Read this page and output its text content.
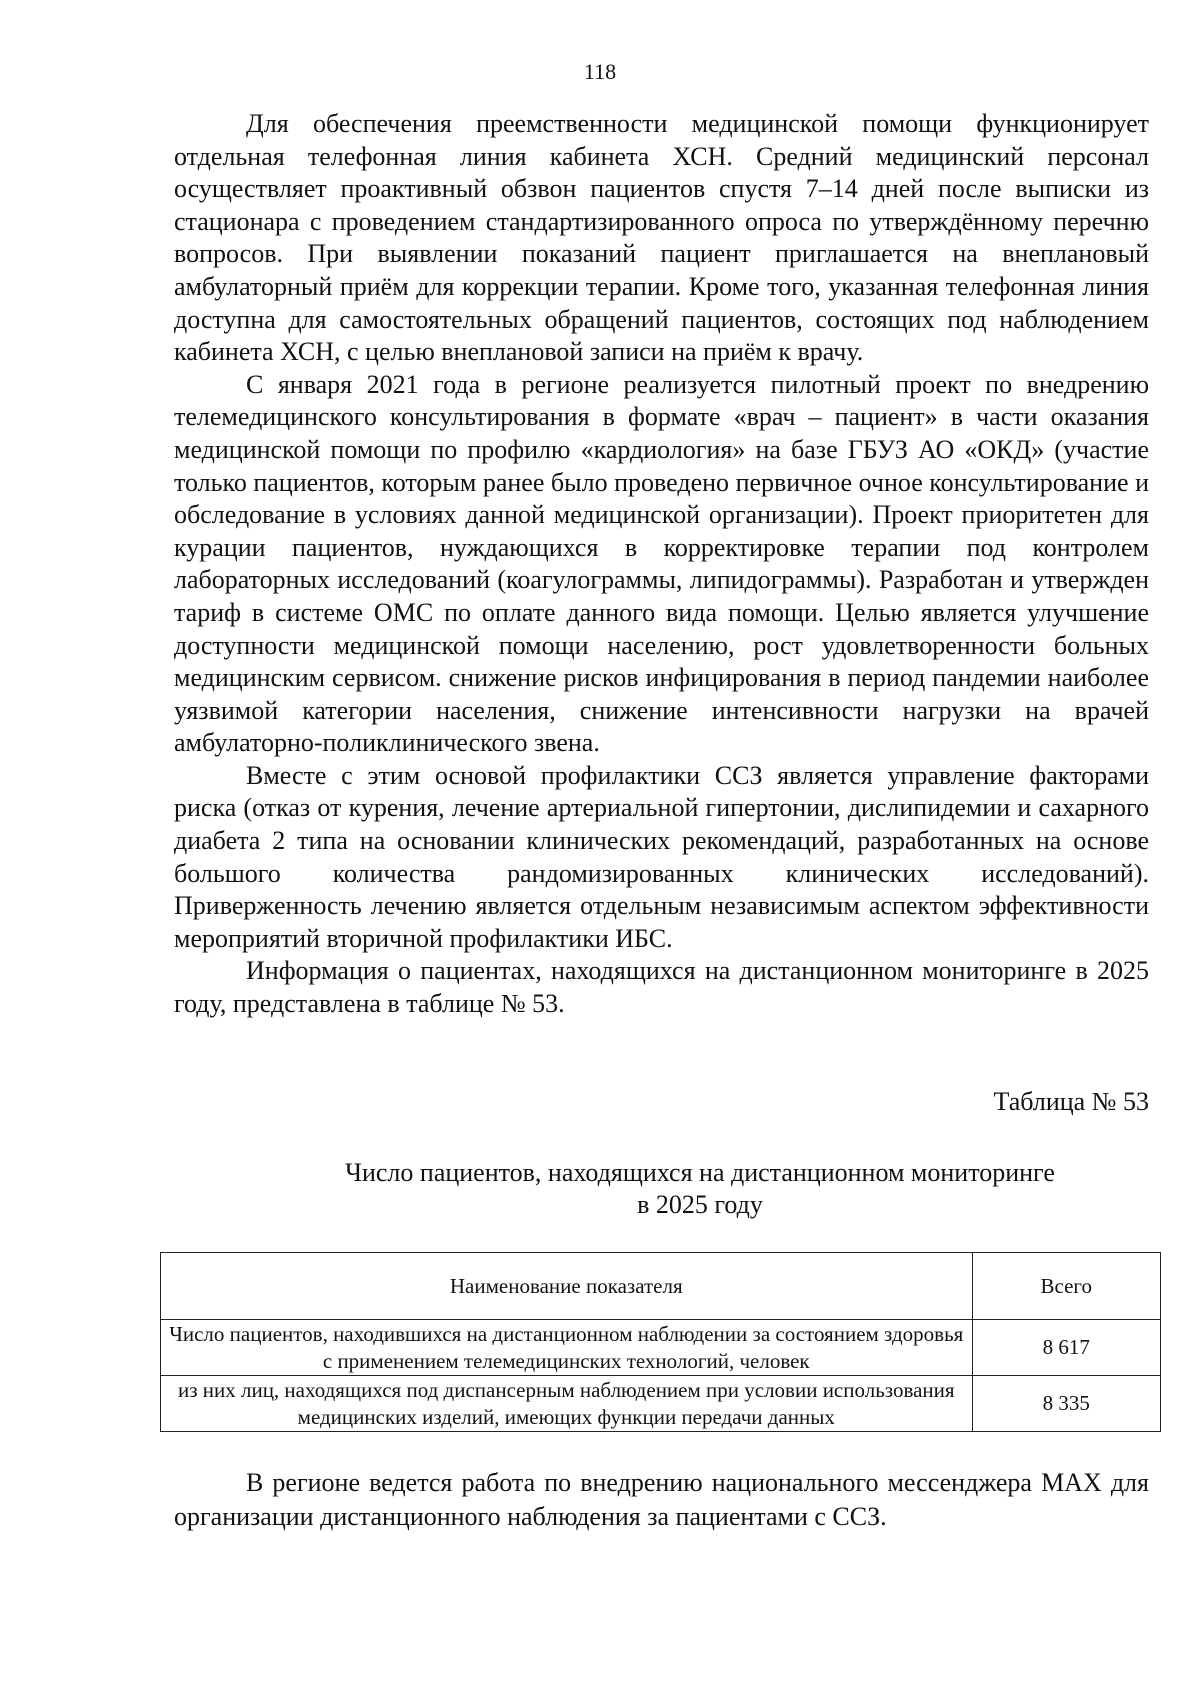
118

Для обеспечения преемственности медицинской помощи функционирует отдельная телефонная линия кабинета ХСН. Средний медицинский персонал осуществляет проактивный обзвон пациентов спустя 7–14 дней после выписки из стационара с проведением стандартизированного опроса по утверждённому перечню вопросов. При выявлении показаний пациент приглашается на внеплановый амбулаторный приём для коррекции терапии. Кроме того, указанная телефонная линия доступна для самостоятельных обращений пациентов, состоящих под наблюдением кабинета ХСН, с целью внеплановой записи на приём к врачу.

С января 2021 года в регионе реализуется пилотный проект по внедрению телемедицинского консультирования в формате «врач – пациент» в части оказания медицинской помощи по профилю «кардиология» на базе ГБУЗ АО «ОКД» (участие только пациентов, которым ранее было проведено первичное очное консультирование и обследование в условиях данной медицинской организации). Проект приоритетен для курации пациентов, нуждающихся в корректировке терапии под контролем лабораторных исследований (коагулограммы, липидограммы). Разработан и утвержден тариф в системе ОМС по оплате данного вида помощи. Целью является улучшение доступности медицинской помощи населению, рост удовлетворенности больных медицинским сервисом. снижение рисков инфицирования в период пандемии наиболее уязвимой категории населения, снижение интенсивности нагрузки на врачей амбулаторно-поликлинического звена.

Вместе с этим основой профилактики ССЗ является управление факторами риска (отказ от курения, лечение артериальной гипертонии, дислипидемии и сахарного диабета 2 типа на основании клинических рекомендаций, разработанных на основе большого количества рандомизированных клинических исследований). Приверженность лечению является отдельным независимым аспектом эффективности мероприятий вторичной профилактики ИБС.

Информация о пациентах, находящихся на дистанционном мониторинге в 2025 году, представлена в таблице № 53.

Таблица № 53
Число пациентов, находящихся на дистанционном мониторинге
в 2025 году
Наименование показателя	Всего
Число пациентов, находившихся на дистанционном наблюдении за состоянием здоровья с применением телемедицинских технологий, человек	8 617
из них лиц, находящихся под диспансерным наблюдением при условии использования медицинских изделий, имеющих функции передачи данных	8 335

В регионе ведется работа по внедрению национального мессенджера МАХ для организации дистанционного наблюдения за пациентами с ССЗ.
